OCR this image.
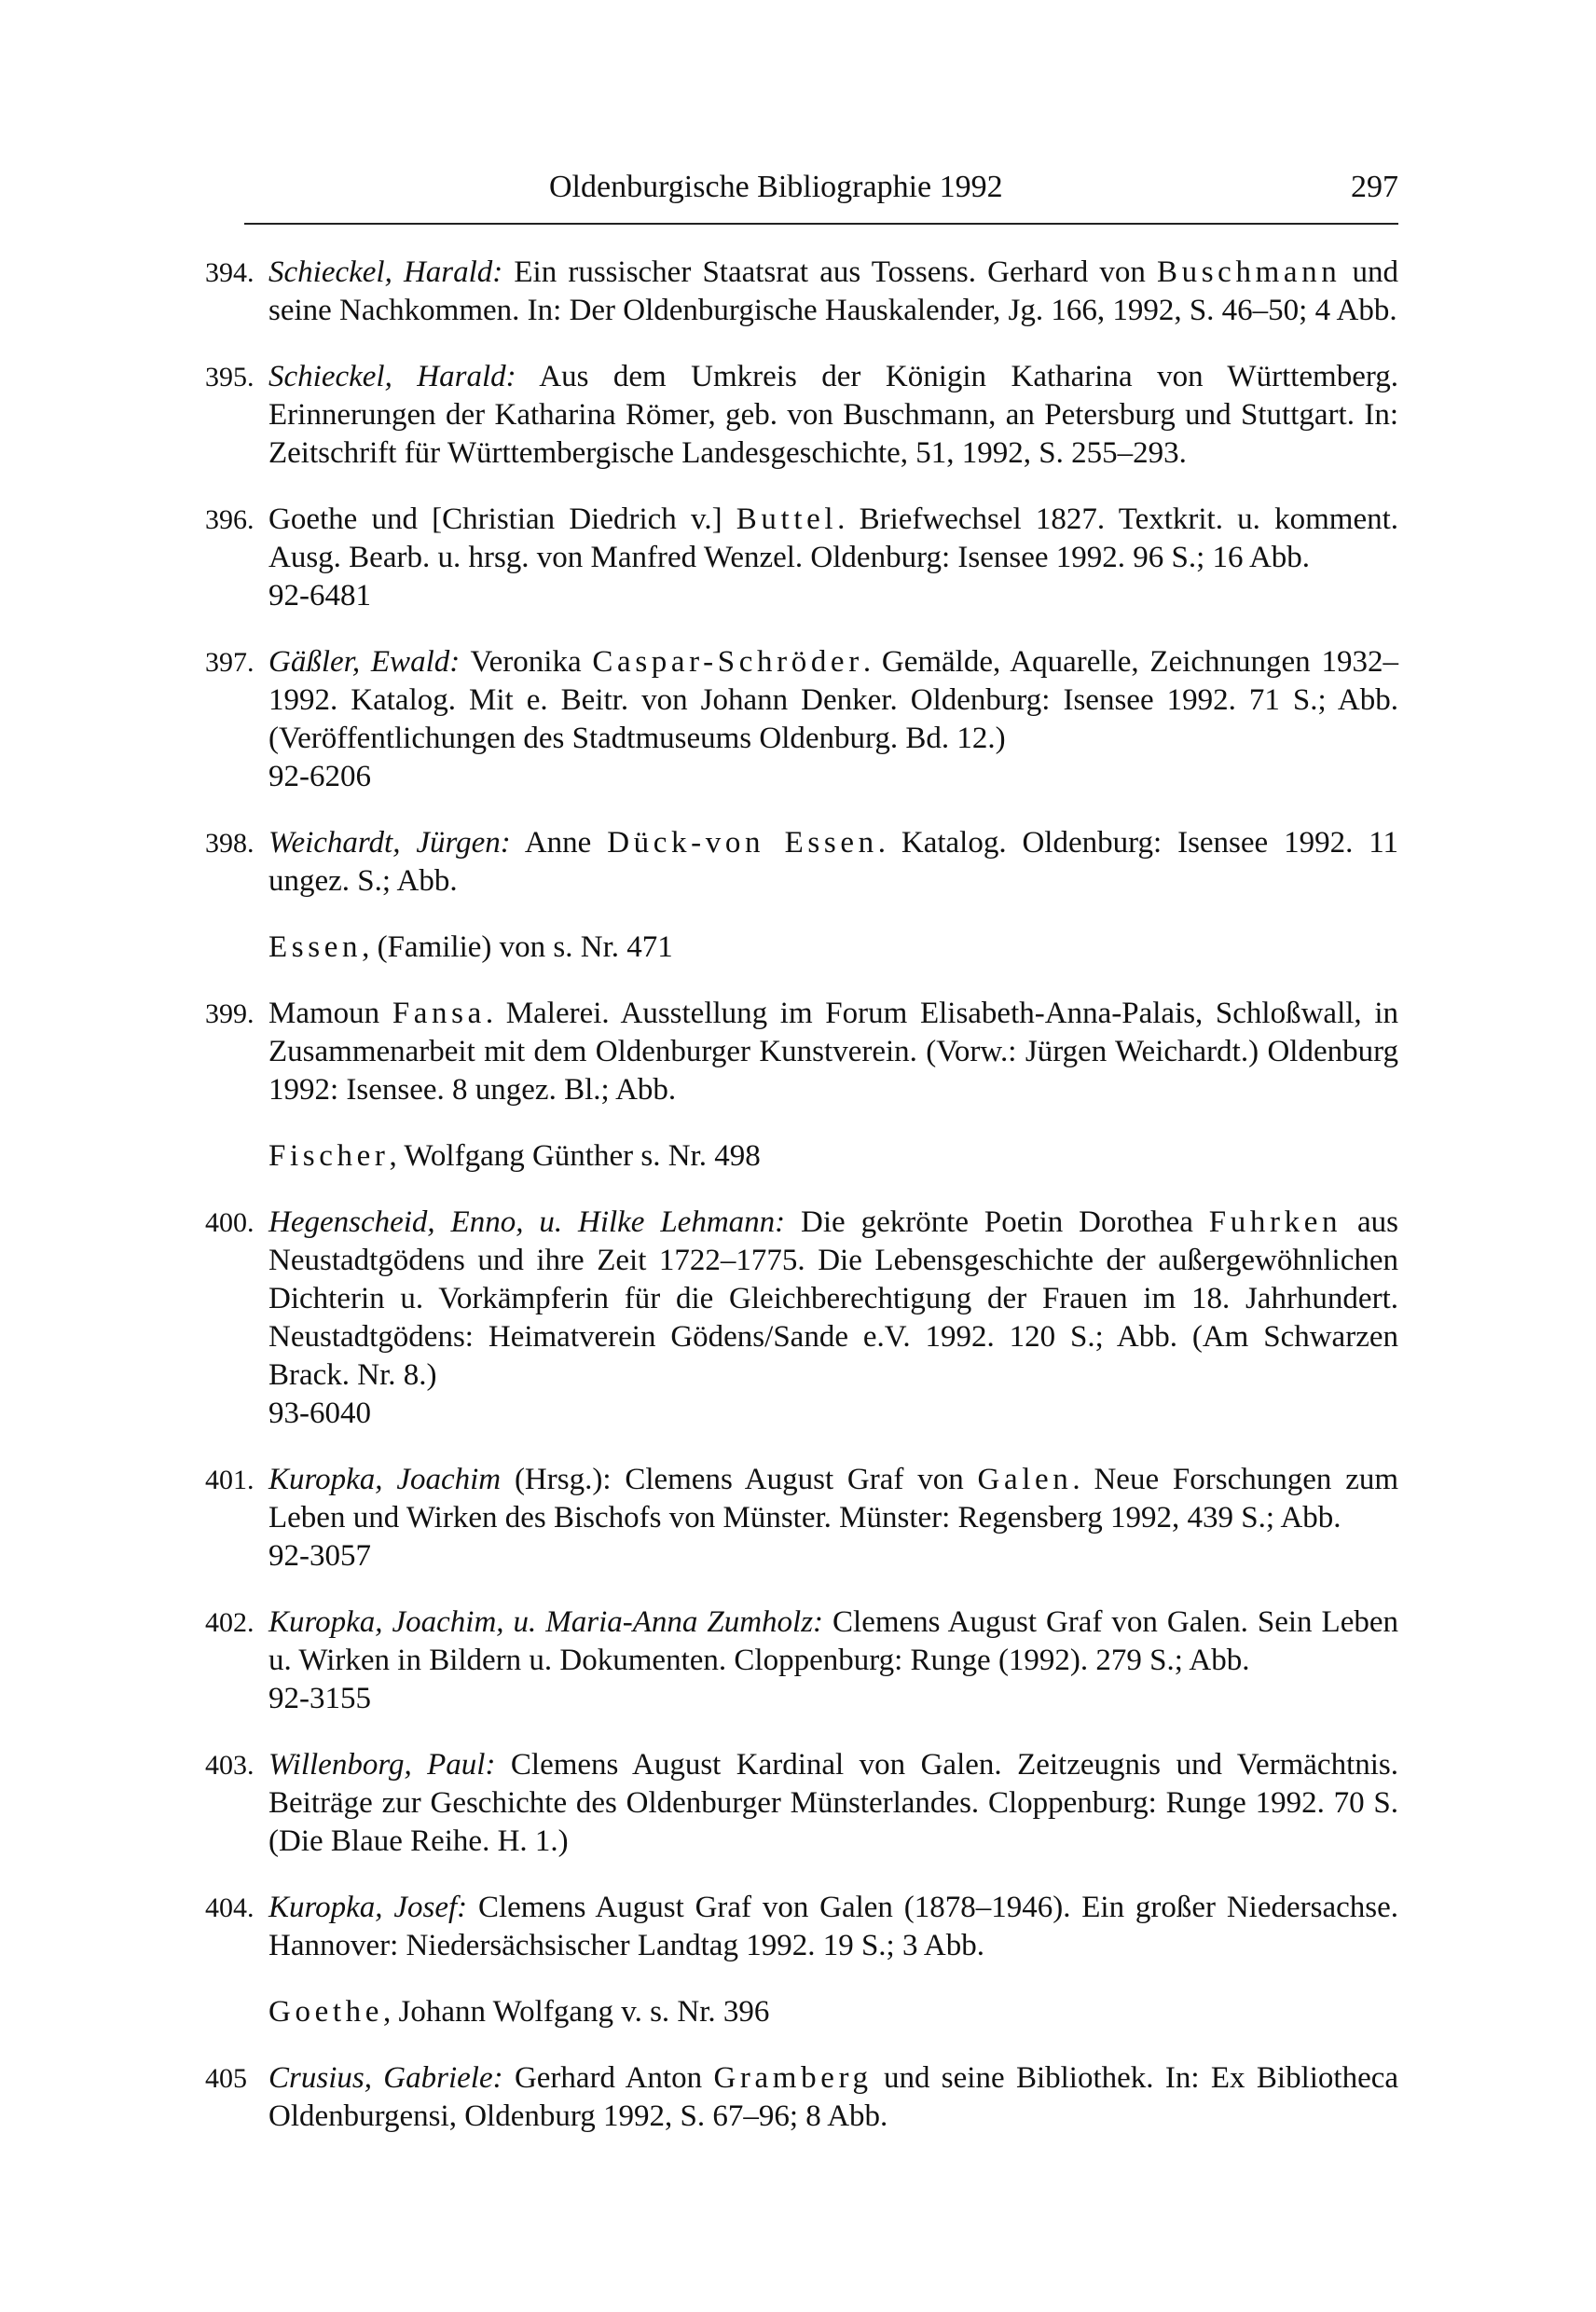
Oldenburgische Bibliographie 1992	297
394. Schieckel, Harald: Ein russischer Staatsrat aus Tossens. Gerhard von Buschmann und seine Nachkommen. In: Der Oldenburgische Hauskalender, Jg. 166, 1992, S. 46–50; 4 Abb.
395. Schieckel, Harald: Aus dem Umkreis der Königin Katharina von Württemberg. Erinnerungen der Katharina Römer, geb. von Buschmann, an Petersburg und Stuttgart. In: Zeitschrift für Württembergische Landesgeschichte, 51, 1992, S. 255–293.
396. Goethe und [Christian Diedrich v.] Buttel. Briefwechsel 1827. Textkrit. u. komment. Ausg. Bearb. u. hrsg. von Manfred Wenzel. Oldenburg: Isensee 1992. 96 S.; 16 Abb.
92-6481
397. Gäßler, Ewald: Veronika Caspar-Schröder. Gemälde, Aquarelle, Zeichnungen 1932–1992. Katalog. Mit e. Beitr. von Johann Denker. Oldenburg: Isensee 1992. 71 S.; Abb. (Veröffentlichungen des Stadtmuseums Oldenburg. Bd. 12.)
92-6206
398. Weichardt, Jürgen: Anne Dück-von Essen. Katalog. Oldenburg: Isensee 1992. 11 ungez. S.; Abb.
Essen, (Familie) von s. Nr. 471
399. Mamoun Fansa. Malerei. Ausstellung im Forum Elisabeth-Anna-Palais, Schloßwall, in Zusammenarbeit mit dem Oldenburger Kunstverein. (Vorw.: Jürgen Weichardt.) Oldenburg 1992: Isensee. 8 ungez. Bl.; Abb.
Fischer, Wolfgang Günther s. Nr. 498
400. Hegenscheid, Enno, u. Hilke Lehmann: Die gekrönte Poetin Dorothea Fuhrken aus Neustadtgödens und ihre Zeit 1722–1775. Die Lebensgeschichte der außergewöhnlichen Dichterin u. Vorkämpferin für die Gleichberechtigung der Frauen im 18. Jahrhundert. Neustadtgödens: Heimatverein Gödens/Sande e.V. 1992. 120 S.; Abb. (Am Schwarzen Brack. Nr. 8.)
93-6040
401. Kuropka, Joachim (Hrsg.): Clemens August Graf von Galen. Neue Forschungen zum Leben und Wirken des Bischofs von Münster. Münster: Regensberg 1992, 439 S.; Abb.
92-3057
402. Kuropka, Joachim, u. Maria-Anna Zumholz: Clemens August Graf von Galen. Sein Leben u. Wirken in Bildern u. Dokumenten. Cloppenburg: Runge (1992). 279 S.; Abb.
92-3155
403. Willenborg, Paul: Clemens August Kardinal von Galen. Zeitzeugnis und Vermächtnis. Beiträge zur Geschichte des Oldenburger Münsterlandes. Cloppenburg: Runge 1992. 70 S. (Die Blaue Reihe. H. 1.)
404. Kuropka, Josef: Clemens August Graf von Galen (1878–1946). Ein großer Niedersachse. Hannover: Niedersächsischer Landtag 1992. 19 S.; 3 Abb.
Goethe, Johann Wolfgang v. s. Nr. 396
405 Crusius, Gabriele: Gerhard Anton Gramberg und seine Bibliothek. In: Ex Bibliotheca Oldenburgensi, Oldenburg 1992, S. 67–96; 8 Abb.
